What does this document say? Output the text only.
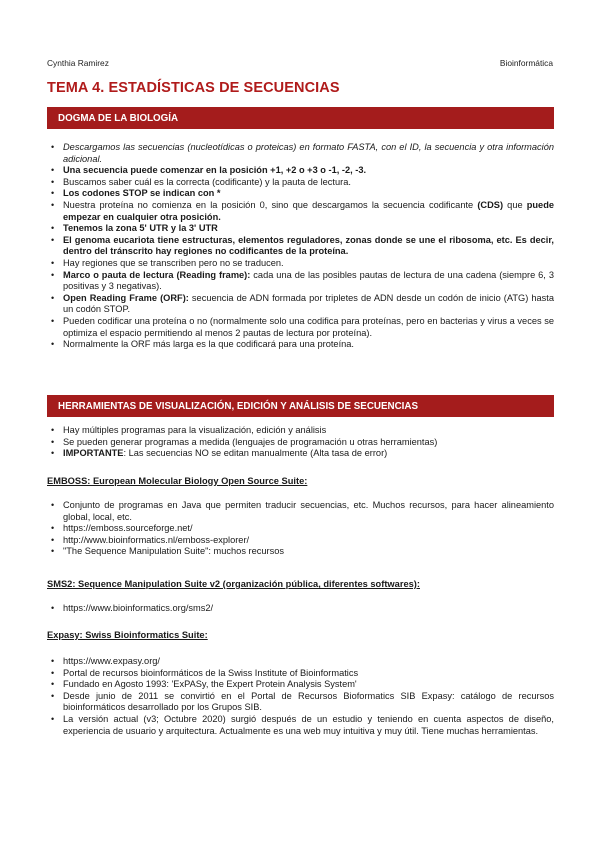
Cynthia Ramirez	Bioinformática
TEMA 4. ESTADÍSTICAS DE SECUENCIAS
DOGMA DE LA BIOLOGÍA
• Descargamos las secuencias (nucleotídicas o proteicas) en formato FASTA, con el ID, la secuencia y otra información adicional.
• Una secuencia puede comenzar en la posición +1, +2 o +3 o -1, -2, -3.
• Buscamos saber cuál es la correcta (codificante) y la pauta de lectura.
• Los codones STOP se indican con *
• Nuestra proteína no comienza en la posición 0, sino que descargamos la secuencia codificante (CDS) que puede empezar en cualquier otra posición.
• Tenemos la zona 5' UTR y la 3' UTR
• El genoma eucariota tiene estructuras, elementos reguladores, zonas donde se une el ribosoma, etc. Es decir, dentro del tránscrito hay regiones no codificantes de la proteína.
• Hay regiones que se transcriben pero no se traducen.
• Marco o pauta de lectura (Reading frame): cada una de las posibles pautas de lectura de una cadena (siempre 6, 3 positivas y 3 negativas).
• Open Reading Frame (ORF): secuencia de ADN formada por tripletes de ADN desde un codón de inicio (ATG) hasta un codón STOP.
• Pueden codificar una proteína o no (normalmente solo una codifica para proteínas, pero en bacterias y virus a veces se optimiza el espacio permitiendo al menos 2 pautas de lectura por proteína).
• Normalmente la ORF más larga es la que codificará para una proteína.
HERRAMIENTAS DE VISUALIZACIÓN, EDICIÓN Y ANÁLISIS DE SECUENCIAS
• Hay múltiples programas para la visualización, edición y análisis
• Se pueden generar programas a medida (lenguajes de programación u otras herramientas)
• IMPORTANTE: Las secuencias NO se editan manualmente (Alta tasa de error)
EMBOSS: European Molecular Biology Open Source Suite:
• Conjunto de programas en Java que permiten traducir secuencias, etc. Muchos recursos, para hacer alineamiento global, local, etc.
• https://emboss.sourceforge.net/
• http://www.bioinformatics.nl/emboss-explorer/
• "The Sequence Manipulation Suite": muchos recursos
SMS2: Sequence Manipulation Suite v2 (organización pública, diferentes softwares):
• https://www.bioinformatics.org/sms2/
Expasy: Swiss Bioinformatics Suite:
• https://www.expasy.org/
• Portal de recursos bioinformáticos de la Swiss Institute of Bioinformatics
• Fundado en Agosto 1993: 'ExPASy, the Expert Protein Analysis System'
• Desde junio de 2011 se convirtió en el Portal de Recursos Bioformatics SIB Expasy: catálogo de recursos bioinformáticos desarrollado por los Grupos SIB.
• La versión actual (v3; Octubre 2020) surgió después de un estudio y teniendo en cuenta aspectos de diseño, experiencia de usuario y arquitectura. Actualmente es una web muy intuitiva y muy útil. Tiene muchas herramientas.
